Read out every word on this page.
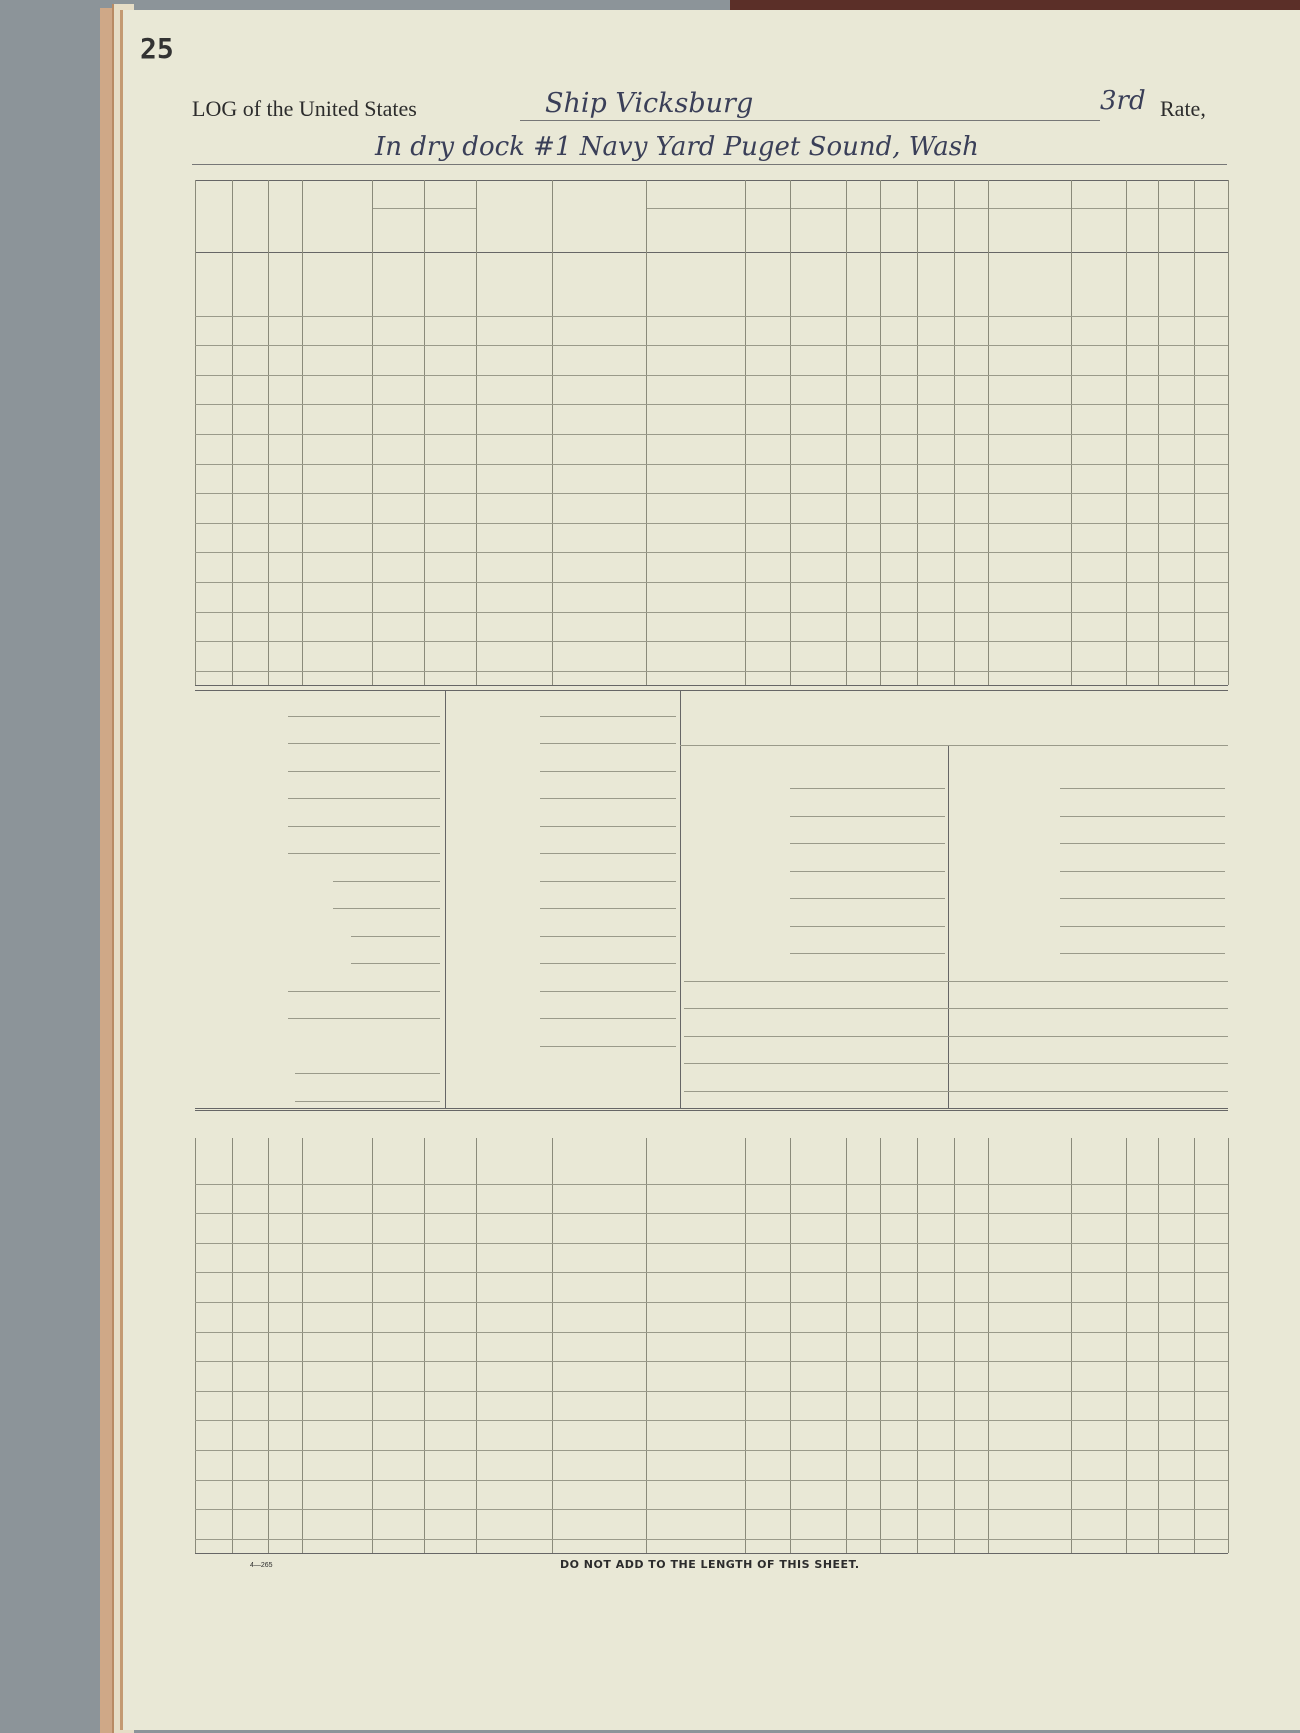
25
LOG of the United States	Ship Vicksburg	3rd Rate,
In dry dock #1 Navy Yard Puget Sound, Wash
4—265	DO NOT ADD TO THE LENGTH OF THIS SHEET.
